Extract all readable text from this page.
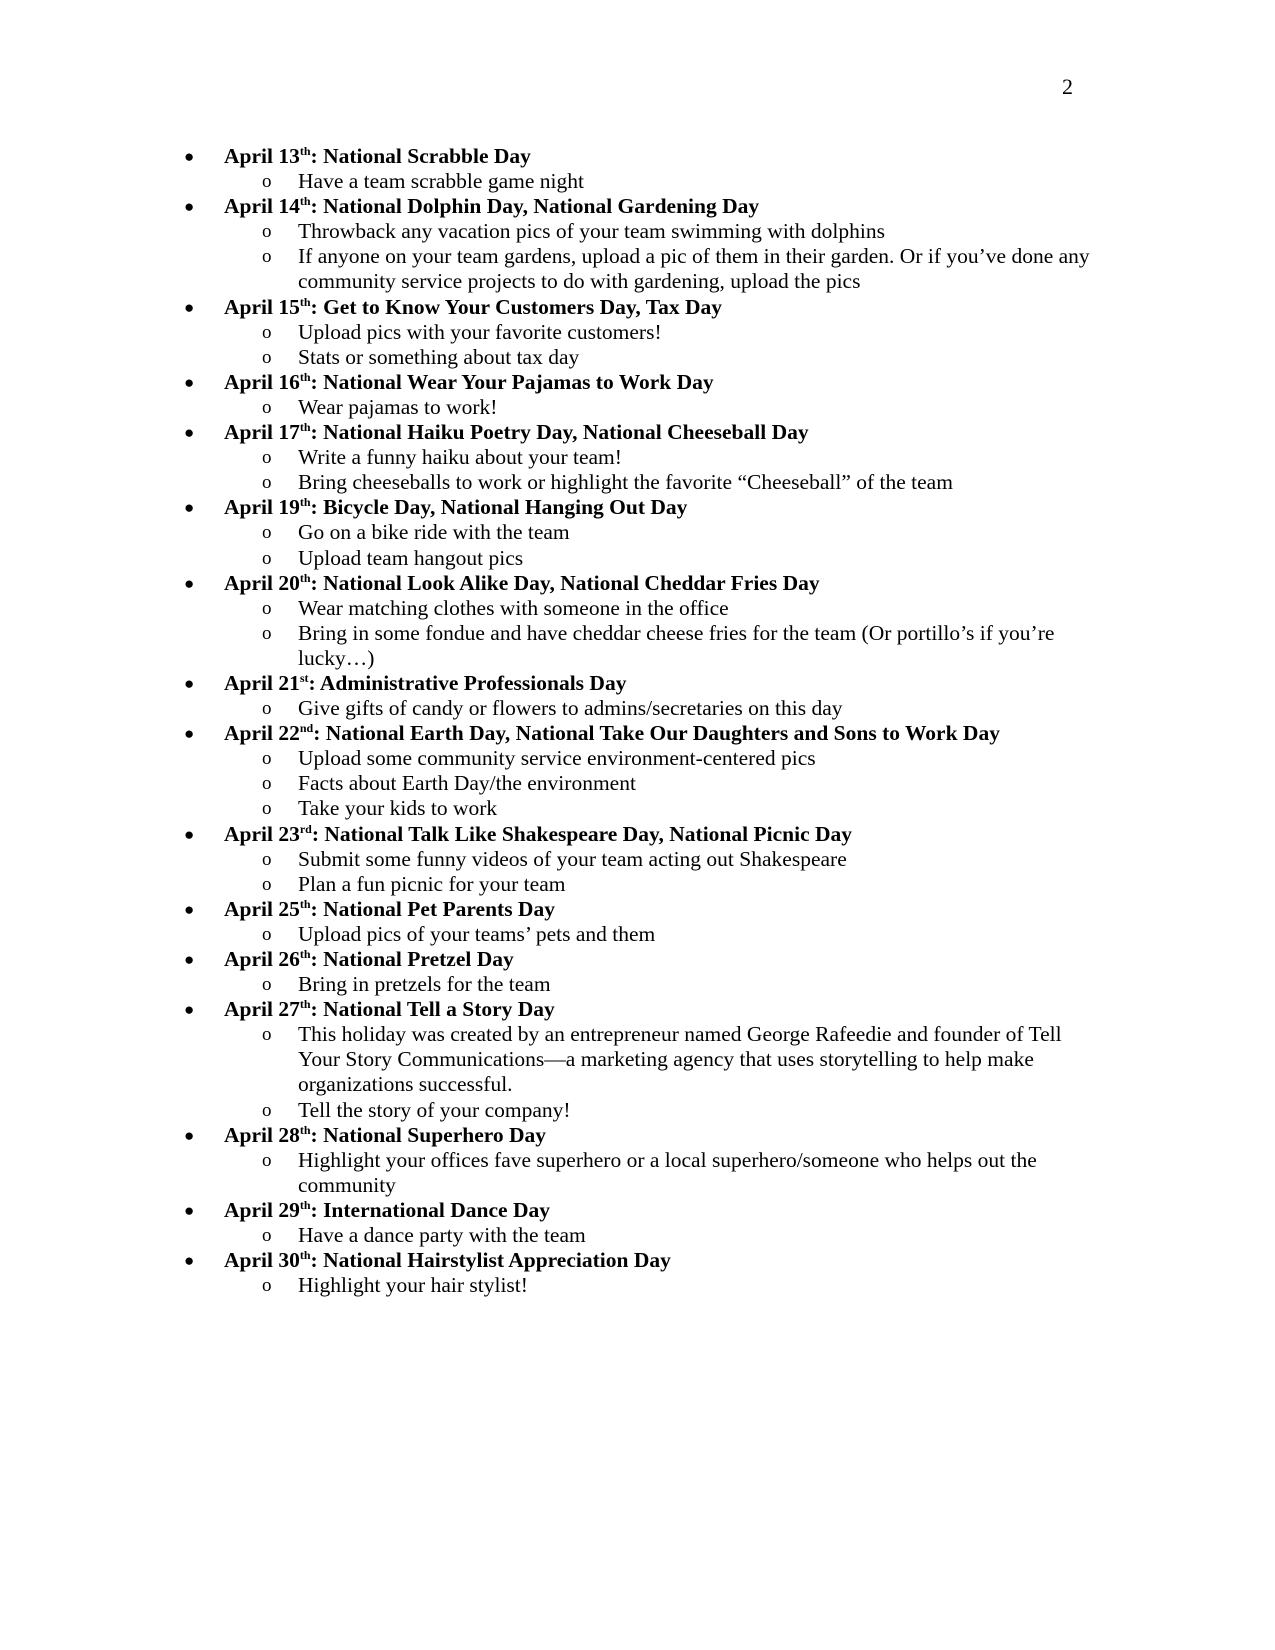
2
● April 13th: National Scrabble Day
o Have a team scrabble game night
● April 14th: National Dolphin Day, National Gardening Day
o Throwback any vacation pics of your team swimming with dolphins
o If anyone on your team gardens, upload a pic of them in their garden. Or if you’ve done any community service projects to do with gardening, upload the pics
● April 15th: Get to Know Your Customers Day, Tax Day
o Upload pics with your favorite customers!
o Stats or something about tax day
● April 16th: National Wear Your Pajamas to Work Day
o Wear pajamas to work!
● April 17th: National Haiku Poetry Day, National Cheeseball Day
o Write a funny haiku about your team!
o Bring cheeseballs to work or highlight the favorite “Cheeseball” of the team
● April 19th: Bicycle Day, National Hanging Out Day
o Go on a bike ride with the team
o Upload team hangout pics
● April 20th: National Look Alike Day, National Cheddar Fries Day
o Wear matching clothes with someone in the office
o Bring in some fondue and have cheddar cheese fries for the team (Or portillo’s if you’re lucky…)
● April 21st: Administrative Professionals Day
o Give gifts of candy or flowers to admins/secretaries on this day
● April 22nd: National Earth Day, National Take Our Daughters and Sons to Work Day
o Upload some community service environment-centered pics
o Facts about Earth Day/the environment
o Take your kids to work
● April 23rd: National Talk Like Shakespeare Day, National Picnic Day
o Submit some funny videos of your team acting out Shakespeare
o Plan a fun picnic for your team
● April 25th: National Pet Parents Day
o Upload pics of your teams’ pets and them
● April 26th: National Pretzel Day
o Bring in pretzels for the team
● April 27th: National Tell a Story Day
o This holiday was created by an entrepreneur named George Rafeedie and founder of Tell Your Story Communications—a marketing agency that uses storytelling to help make organizations successful.
o Tell the story of your company!
● April 28th: National Superhero Day
o Highlight your offices fave superhero or a local superhero/someone who helps out the community
● April 29th: International Dance Day
o Have a dance party with the team
● April 30th: National Hairstylist Appreciation Day
o Highlight your hair stylist!
